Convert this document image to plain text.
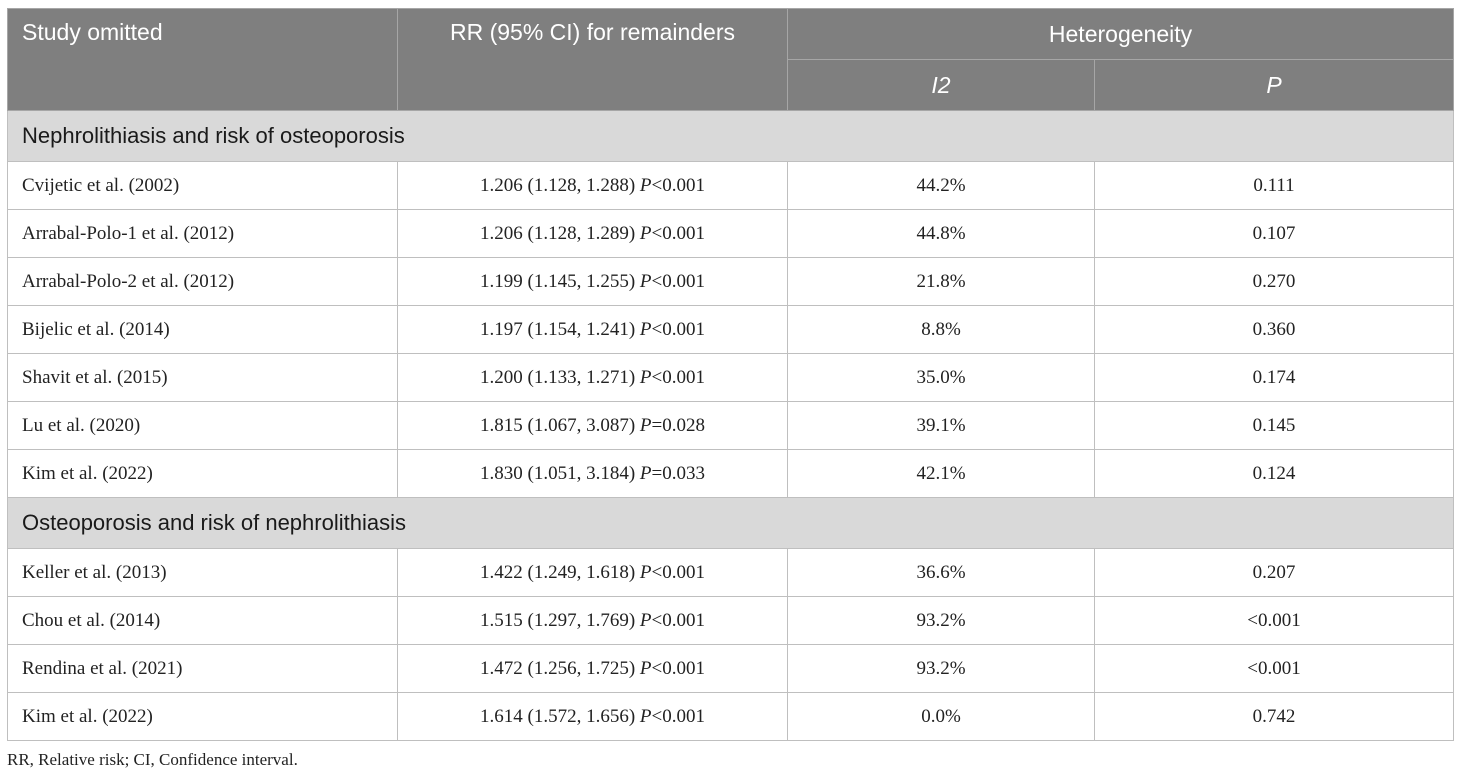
Study omitted	RR (95% CI) for remainders	Heterogeneity	
		I2	P
Nephrolithiasis and risk of osteoporosis			
Cvijetic et al. (2002)	1.206 (1.128, 1.288) P<0.001	44.2%	0.111
Arrabal-Polo-1 et al. (2012)	1.206 (1.128, 1.289) P<0.001	44.8%	0.107
Arrabal-Polo-2 et al. (2012)	1.199 (1.145, 1.255) P<0.001	21.8%	0.270
Bijelic et al. (2014)	1.197 (1.154, 1.241) P<0.001	8.8%	0.360
Shavit et al. (2015)	1.200 (1.133, 1.271) P<0.001	35.0%	0.174
Lu et al. (2020)	1.815 (1.067, 3.087) P=0.028	39.1%	0.145
Kim et al. (2022)	1.830 (1.051, 3.184) P=0.033	42.1%	0.124
Osteoporosis and risk of nephrolithiasis			
Keller et al. (2013)	1.422 (1.249, 1.618) P<0.001	36.6%	0.207
Chou et al. (2014)	1.515 (1.297, 1.769) P<0.001	93.2%	<0.001
Rendina et al. (2021)	1.472 (1.256, 1.725) P<0.001	93.2%	<0.001
Kim et al. (2022)	1.614 (1.572, 1.656) P<0.001	0.0%	0.742
RR, Relative risk; CI, Confidence interval.
